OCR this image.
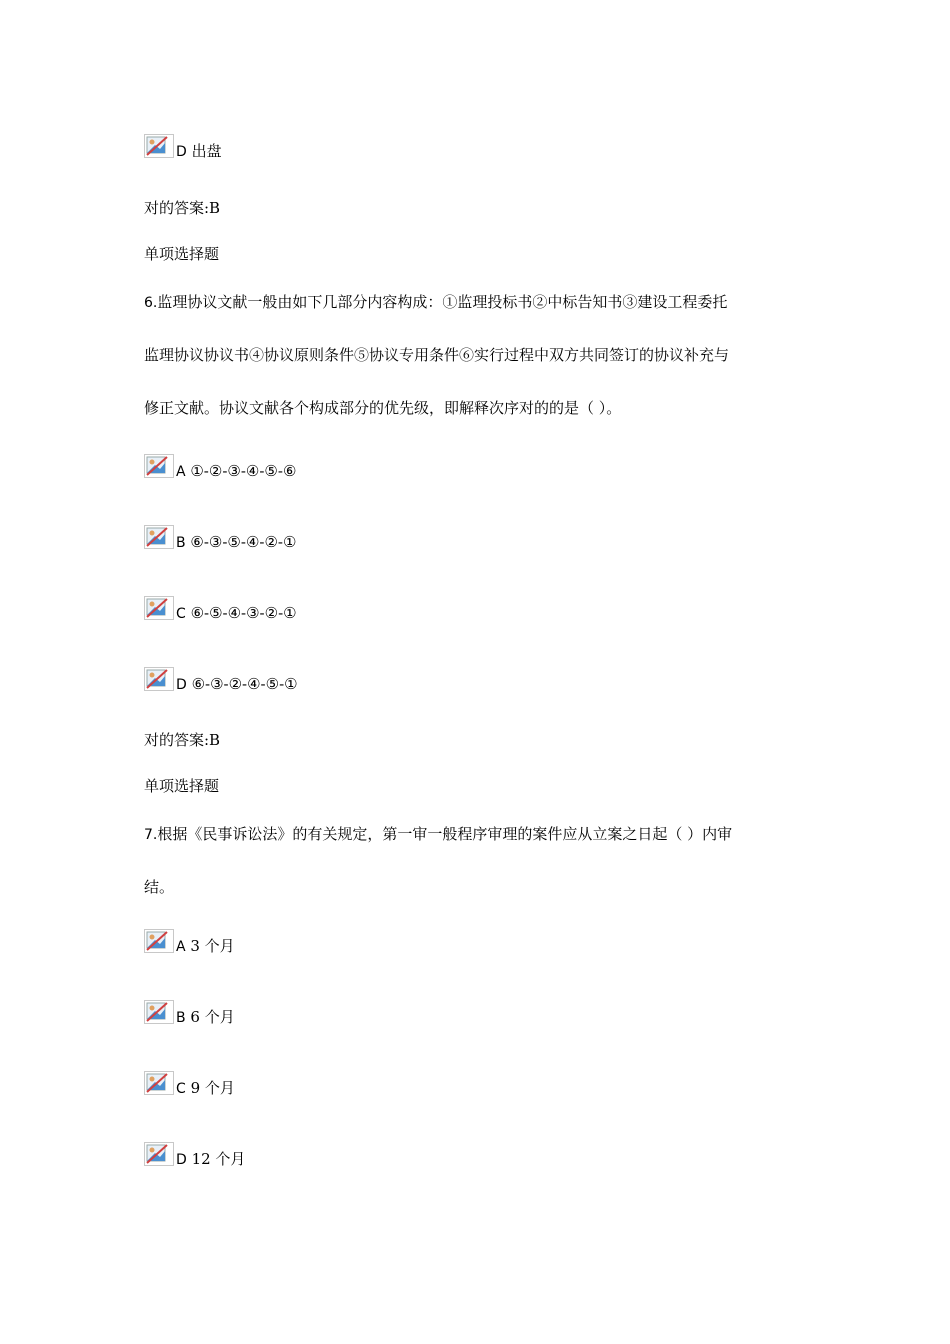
D 出盘
对的答案:B
单项选择题
6.监理协议文献一般由如下几部分内容构成：①监理投标书②中标告知书③建设工程委托
监理协议协议书④协议原则条件⑤协议专用条件⑥实行过程中双方共同签订的协议补充与
修正文献。协议文献各个构成部分的优先级，即解释次序对的的是（ ）。
A ①-②-③-④-⑤-⑥
B ⑥-③-⑤-④-②-①
C ⑥-⑤-④-③-②-①
D ⑥-③-②-④-⑤-①
对的答案:B
单项选择题
7.根据《民事诉讼法》的有关规定，第一审一般程序审理的案件应从立案之日起（ ）内审
结。
A 3 个月
B 6 个月
C 9 个月
D 12 个月
